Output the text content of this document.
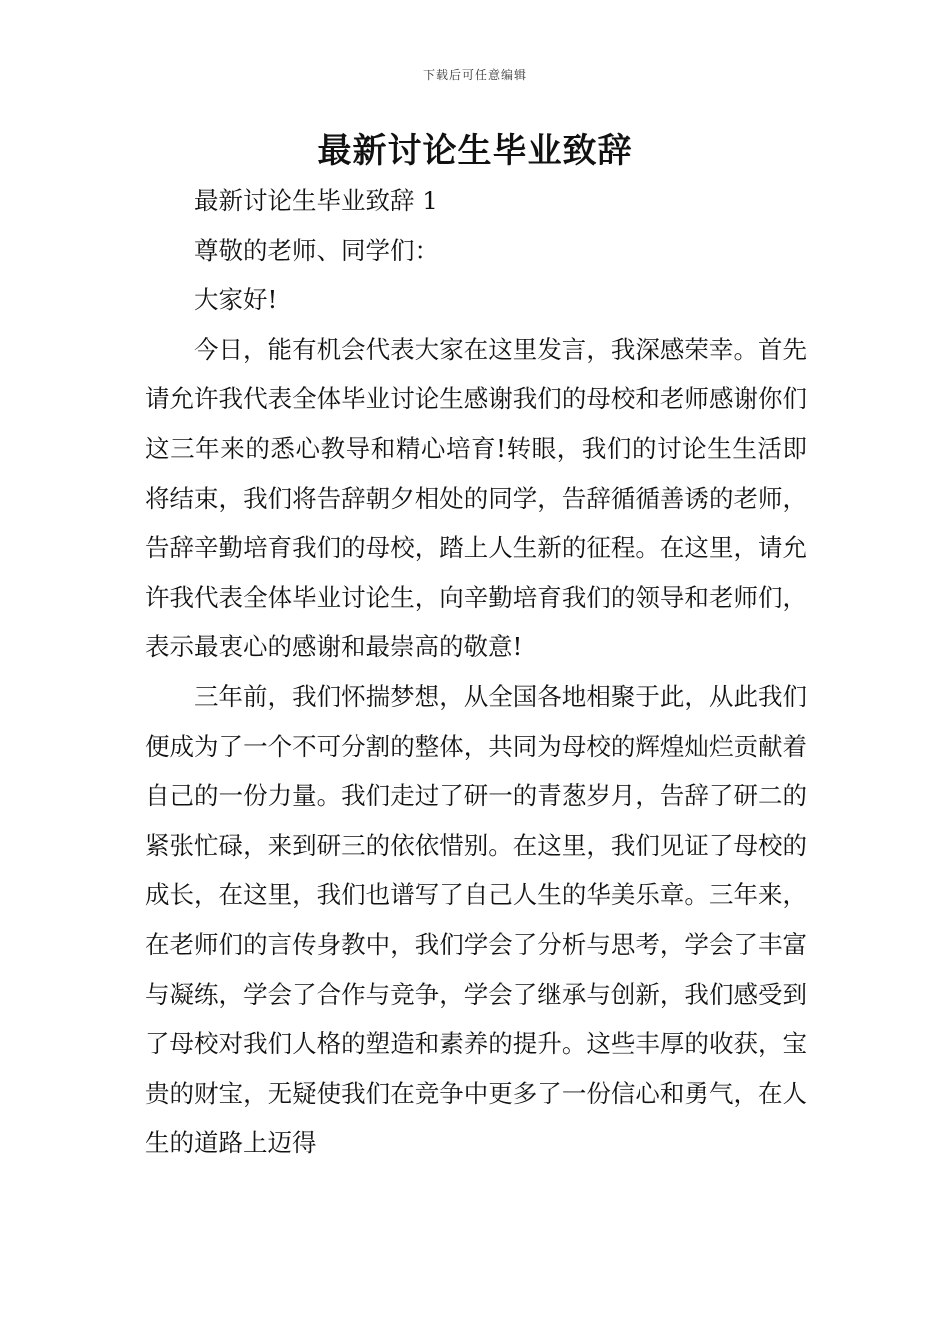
下载后可任意编辑
最新讨论生毕业致辞

最新讨论生毕业致辞 1

尊敬的老师、同学们：

大家好!

今日，能有机会代表大家在这里发言，我深感荣幸。首先请允许我代表全体毕业讨论生感谢我们的母校和老师感谢你们这三年来的悉心教导和精心培育!转眼，我们的讨论生生活即将结束，我们将告辞朝夕相处的同学，告辞循循善诱的老师，告辞辛勤培育我们的母校，踏上人生新的征程。在这里，请允许我代表全体毕业讨论生，向辛勤培育我们的领导和老师们，表示最衷心的感谢和最崇高的敬意!

三年前，我们怀揣梦想，从全国各地相聚于此，从此我们便成为了一个不可分割的整体，共同为母校的辉煌灿烂贡献着自己的一份力量。我们走过了研一的青葱岁月，告辞了研二的紧张忙碌，来到研三的依依惜别。在这里，我们见证了母校的成长，在这里，我们也谱写了自己人生的华美乐章。三年来，在老师们的言传身教中，我们学会了分析与思考，学会了丰富与凝练，学会了合作与竞争，学会了继承与创新，我们感受到了母校对我们人格的塑造和素养的提升。这些丰厚的收获，宝贵的财宝，无疑使我们在竞争中更多了一份信心和勇气，在人生的道路上迈得
